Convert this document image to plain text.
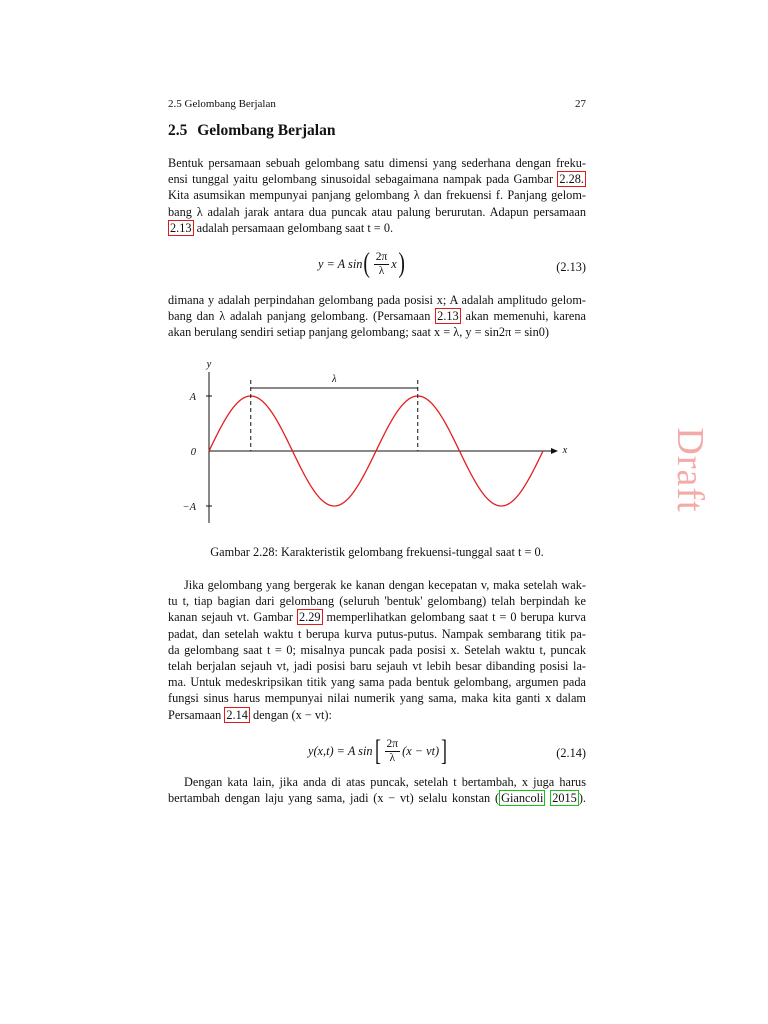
2.5 Gelombang Berjalan	27
2.5 Gelombang Berjalan
Bentuk persamaan sebuah gelombang satu dimensi yang sederhana dengan freku-
ensi tunggal yaitu gelombang sinusoidal sebagaimana nampak pada Gambar 2.28.
Kita asumsikan mempunyai panjang gelombang λ dan frekuensi f. Panjang gelom-
bang λ adalah jarak antara dua puncak atau palung berurutan. Adapun persamaan
2.13 adalah persamaan gelombang saat t = 0.
y = A sin ( $\frac{2\pi}{\lambda}$ x )	(2.13)
dimana y adalah perpindahan gelombang pada posisi x; A adalah amplitudo gelom-
bang dan λ adalah panjang gelombang. (Persamaan 2.13 akan memenuhi, karena
akan berulang sendiri setiap panjang gelombang; saat x = λ, y = sin2π = sin0)
y
x
A
0
−A
λ
Gambar 2.28: Karakteristik gelombang frekuensi-tunggal saat t = 0.
Jika gelombang yang bergerak ke kanan dengan kecepatan v, maka setelah wak-
tu t, tiap bagian dari gelombang (seluruh 'bentuk' gelombang) telah berpindah ke
kanan sejauh vt. Gambar 2.29 memperlihatkan gelombang saat t = 0 berupa kurva
padat, dan setelah waktu t berupa kurva putus-putus. Nampak sembarang titik pa-
da gelombang saat t = 0; misalnya puncak pada posisi x. Setelah waktu t, puncak
telah berjalan sejauh vt, jadi posisi baru sejauh vt lebih besar dibanding posisi la-
ma. Untuk medeskripsikan titik yang sama pada bentuk gelombang, argumen pada
fungsi sinus harus mempunyai nilai numerik yang sama, maka kita ganti x dalam
Persamaan 2.14 dengan (x − vt):
y(x,t) = A sin [ $\frac{2\pi}{\lambda} (x - vt)$ ]	(2.14)
Dengan kata lain, jika anda di atas puncak, setelah t bertambah, x juga harus
bertambah dengan laju yang sama, jadi (x − vt) selalu konstan ( Giancoli 2015 ).
Draft
